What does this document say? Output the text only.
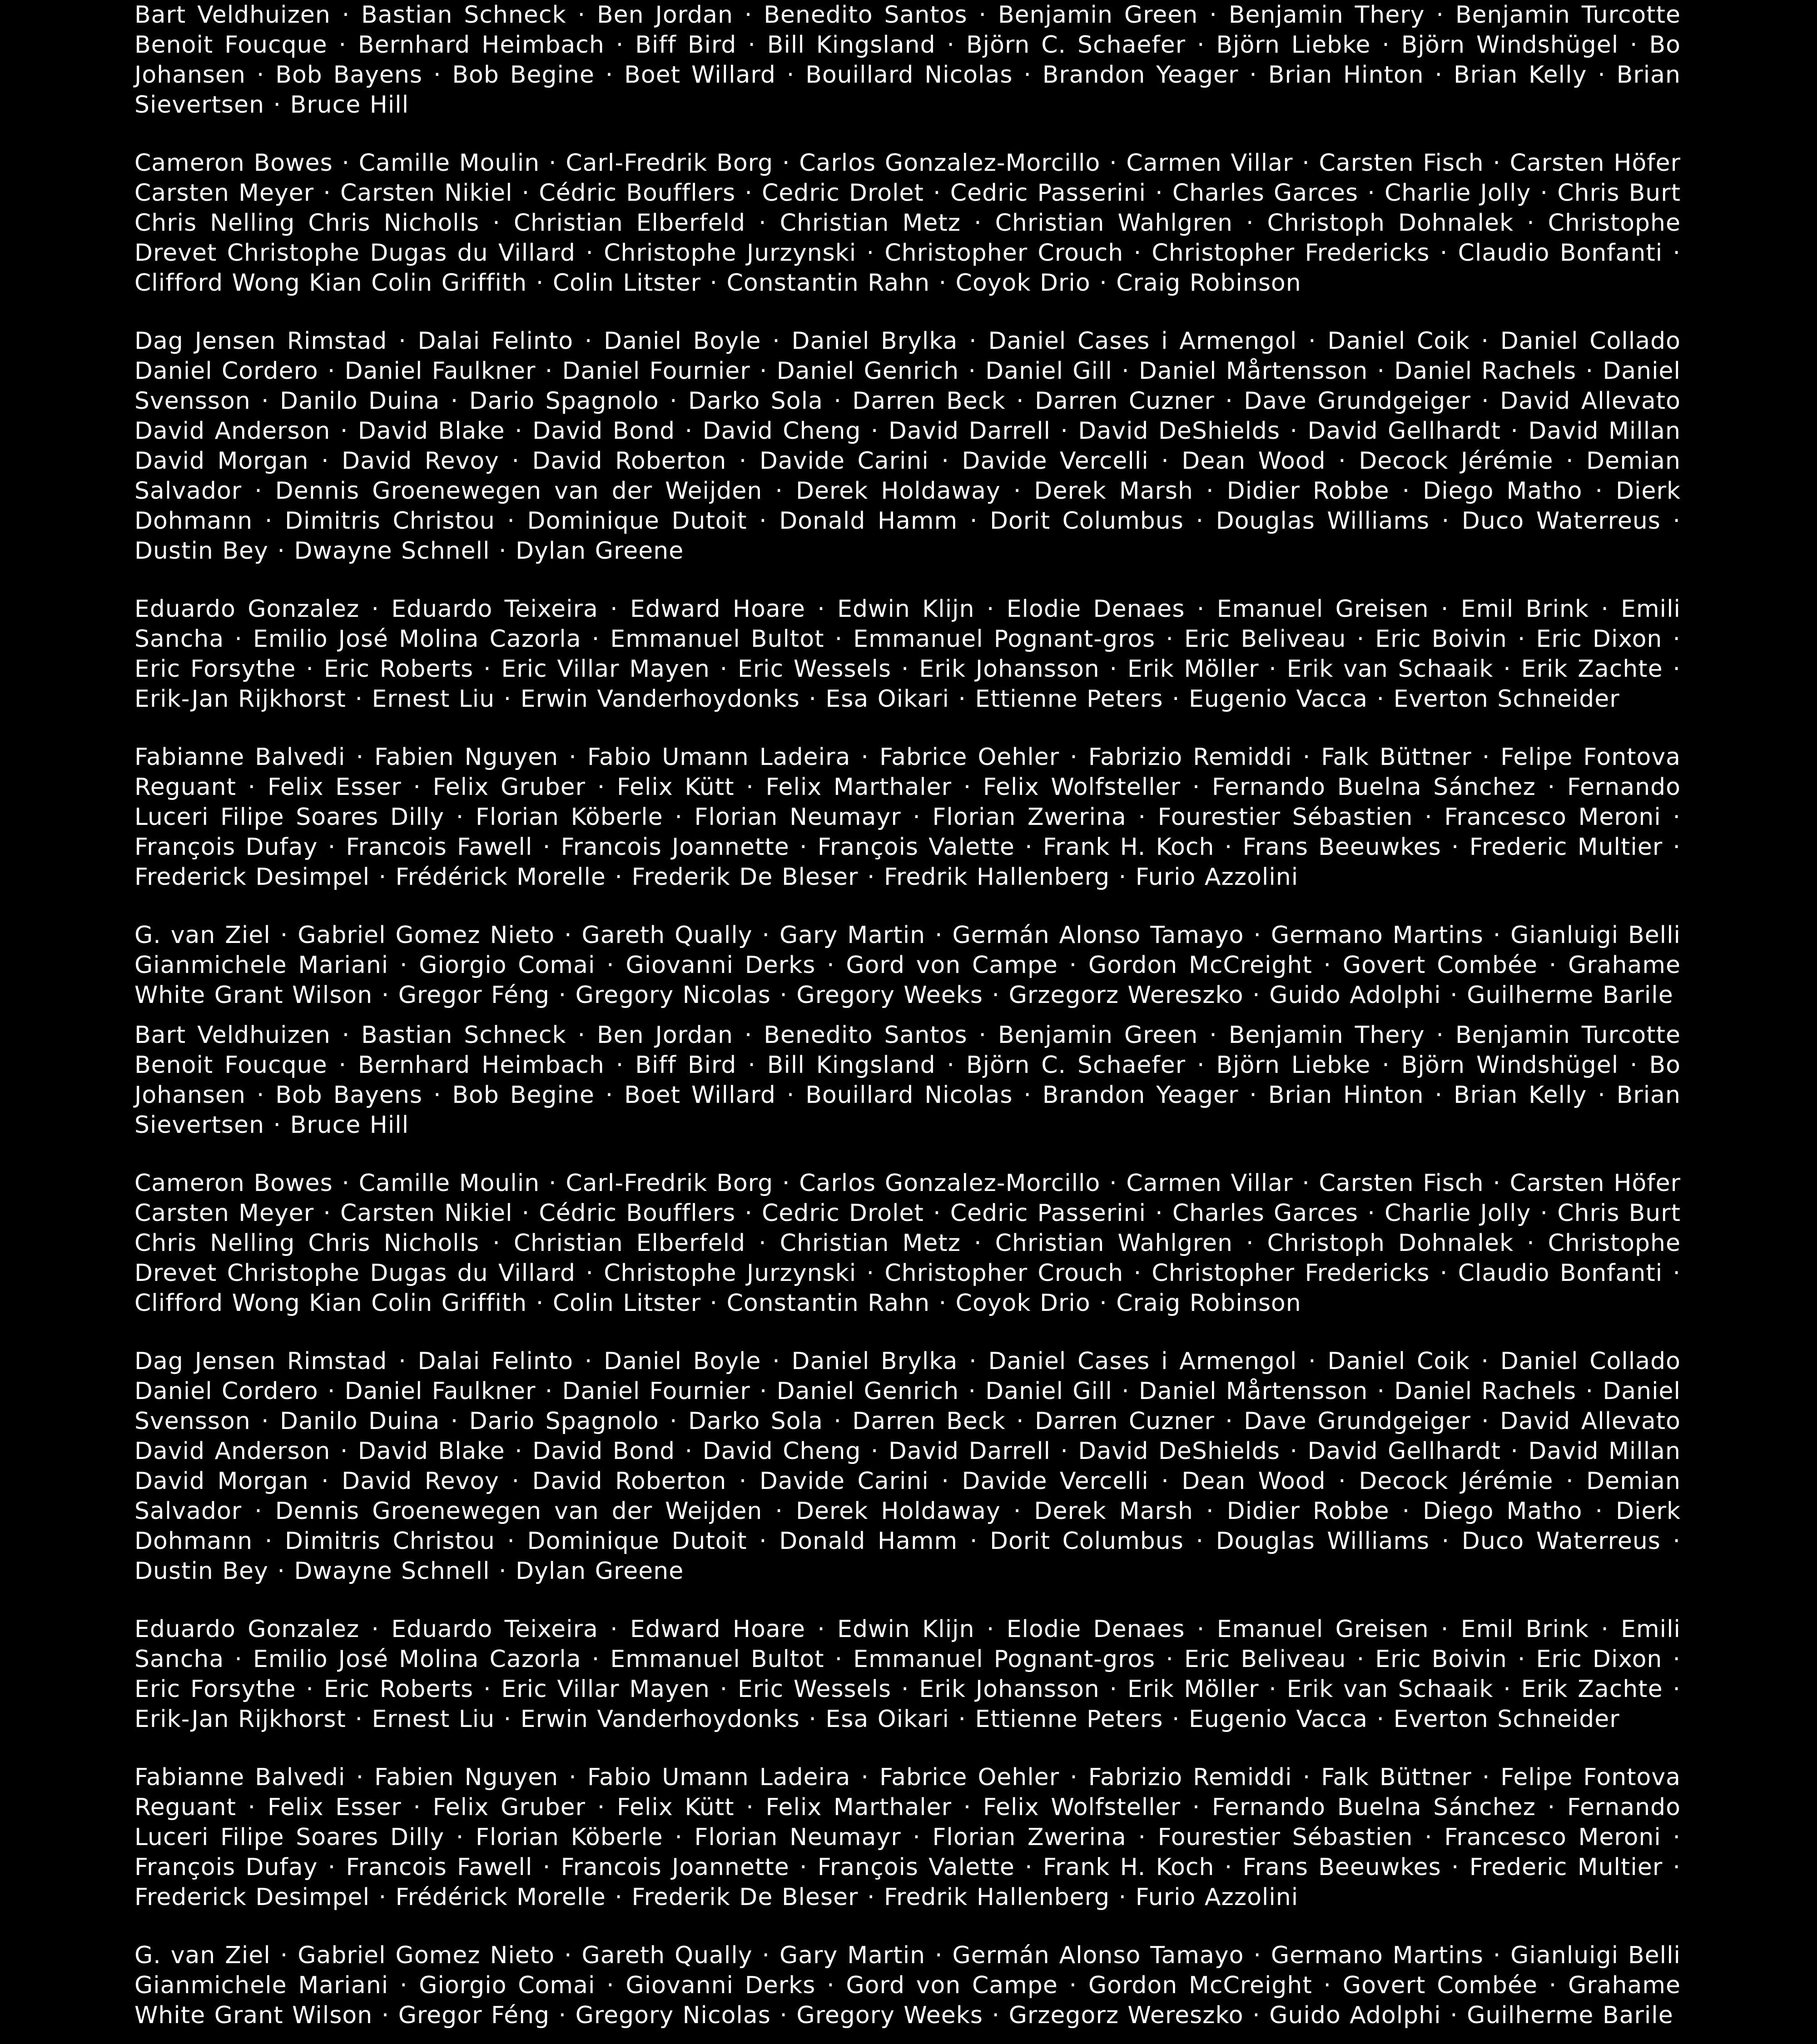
Bart Veldhuizen · Bastian Schneck · Ben Jordan · Benedito Santos · Benjamin Green · Benjamin Thery · Benjamin Turcotte Benoit Foucque · Bernhard Heimbach · Biff Bird · Bill Kingsland · Björn C. Schaefer · Björn Liebke · Björn Windshügel · Bo Johansen · Bob Bayens · Bob Begine · Boet Willard · Bouillard Nicolas · Brandon Yeager · Brian Hinton · Brian Kelly · Brian Sievertsen · Bruce Hill

Cameron Bowes · Camille Moulin · Carl-Fredrik Borg · Carlos Gonzalez-Morcillo · Carmen Villar · Carsten Fisch · Carsten Höfer Carsten Meyer · Carsten Nikiel · Cédric Boufflers · Cedric Drolet · Cedric Passerini · Charles Garces · Charlie Jolly · Chris Burt Chris Nelling Chris Nicholls · Christian Elberfeld · Christian Metz · Christian Wahlgren · Christoph Dohnalek · Christophe Drevet Christophe Dugas du Villard · Christophe Jurzynski · Christopher Crouch · Christopher Fredericks · Claudio Bonfanti · Clifford Wong Kian Colin Griffith · Colin Litster · Constantin Rahn · Coyok Drio · Craig Robinson

Dag Jensen Rimstad · Dalai Felinto · Daniel Boyle · Daniel Brylka · Daniel Cases i Armengol · Daniel Coik · Daniel Collado Daniel Cordero · Daniel Faulkner · Daniel Fournier · Daniel Genrich · Daniel Gill · Daniel Mårtensson · Daniel Rachels · Daniel Svensson · Danilo Duina · Dario Spagnolo · Darko Sola · Darren Beck · Darren Cuzner · Dave Grundgeiger · David Allevato David Anderson · David Blake · David Bond · David Cheng · David Darrell · David DeShields · David Gellhardt · David Millan David Morgan · David Revoy · David Roberton · Davide Carini · Davide Vercelli · Dean Wood · Decock Jérémie · Demian Salvador · Dennis Groenewegen van der Weijden · Derek Holdaway · Derek Marsh · Didier Robbe · Diego Matho · Dierk Dohmann · Dimitris Christou · Dominique Dutoit · Donald Hamm · Dorit Columbus · Douglas Williams · Duco Waterreus · Dustin Bey · Dwayne Schnell · Dylan Greene

Eduardo Gonzalez · Eduardo Teixeira · Edward Hoare · Edwin Klijn · Elodie Denaes · Emanuel Greisen · Emil Brink · Emili Sancha · Emilio José Molina Cazorla · Emmanuel Bultot · Emmanuel Pognant-gros · Eric Beliveau · Eric Boivin · Eric Dixon · Eric Forsythe · Eric Roberts · Eric Villar Mayen · Eric Wessels · Erik Johansson · Erik Möller · Erik van Schaaik · Erik Zachte · Erik-Jan Rijkhorst · Ernest Liu · Erwin Vanderhoydonks · Esa Oikari · Ettienne Peters · Eugenio Vacca · Everton Schneider

Fabianne Balvedi · Fabien Nguyen · Fabio Umann Ladeira · Fabrice Oehler · Fabrizio Remiddi · Falk Büttner · Felipe Fontova Reguant · Felix Esser · Felix Gruber · Felix Kütt · Felix Marthaler · Felix Wolfsteller · Fernando Buelna Sánchez · Fernando Luceri Filipe Soares Dilly · Florian Köberle · Florian Neumayr · Florian Zwerina · Fourestier Sébastien · Francesco Meroni · François Dufay · Francois Fawell · Francois Joannette · François Valette · Frank H. Koch · Frans Beeuwkes · Frederic Multier · Frederick Desimpel · Frédérick Morelle · Frederik De Bleser · Fredrik Hallenberg · Furio Azzolini

G. van Ziel · Gabriel Gomez Nieto · Gareth Qually · Gary Martin · Germán Alonso Tamayo · Germano Martins · Gianluigi Belli Gianmichele Mariani · Giorgio Comai · Giovanni Derks · Gord von Campe · Gordon McCreight · Govert Combée · Grahame White Grant Wilson · Gregor Féng · Gregory Nicolas · Gregory Weeks · Grzegorz Wereszko · Guido Adolphi · Guilherme Barile

Bart Veldhuizen · Bastian Schneck · Ben Jordan · Benedito Santos · Benjamin Green · Benjamin Thery · Benjamin Turcotte Benoit Foucque · Bernhard Heimbach · Biff Bird · Bill Kingsland · Björn C. Schaefer · Björn Liebke · Björn Windshügel · Bo Johansen · Bob Bayens · Bob Begine · Boet Willard · Bouillard Nicolas · Brandon Yeager · Brian Hinton · Brian Kelly · Brian Sievertsen · Bruce Hill

Cameron Bowes · Camille Moulin · Carl-Fredrik Borg · Carlos Gonzalez-Morcillo · Carmen Villar · Carsten Fisch · Carsten Höfer Carsten Meyer · Carsten Nikiel · Cédric Boufflers · Cedric Drolet · Cedric Passerini · Charles Garces · Charlie Jolly · Chris Burt Chris Nelling Chris Nicholls · Christian Elberfeld · Christian Metz · Christian Wahlgren · Christoph Dohnalek · Christophe Drevet Christophe Dugas du Villard · Christophe Jurzynski · Christopher Crouch · Christopher Fredericks · Claudio Bonfanti · Clifford Wong Kian Colin Griffith · Colin Litster · Constantin Rahn · Coyok Drio · Craig Robinson

Dag Jensen Rimstad · Dalai Felinto · Daniel Boyle · Daniel Brylka · Daniel Cases i Armengol · Daniel Coik · Daniel Collado Daniel Cordero · Daniel Faulkner · Daniel Fournier · Daniel Genrich · Daniel Gill · Daniel Mårtensson · Daniel Rachels · Daniel Svensson · Danilo Duina · Dario Spagnolo · Darko Sola · Darren Beck · Darren Cuzner · Dave Grundgeiger · David Allevato David Anderson · David Blake · David Bond · David Cheng · David Darrell · David DeShields · David Gellhardt · David Millan David Morgan · David Revoy · David Roberton · Davide Carini · Davide Vercelli · Dean Wood · Decock Jérémie · Demian Salvador · Dennis Groenewegen van der Weijden · Derek Holdaway · Derek Marsh · Didier Robbe · Diego Matho · Dierk Dohmann · Dimitris Christou · Dominique Dutoit · Donald Hamm · Dorit Columbus · Douglas Williams · Duco Waterreus · Dustin Bey · Dwayne Schnell · Dylan Greene

Eduardo Gonzalez · Eduardo Teixeira · Edward Hoare · Edwin Klijn · Elodie Denaes · Emanuel Greisen · Emil Brink · Emili Sancha · Emilio José Molina Cazorla · Emmanuel Bultot · Emmanuel Pognant-gros · Eric Beliveau · Eric Boivin · Eric Dixon · Eric Forsythe · Eric Roberts · Eric Villar Mayen · Eric Wessels · Erik Johansson · Erik Möller · Erik van Schaaik · Erik Zachte · Erik-Jan Rijkhorst · Ernest Liu · Erwin Vanderhoydonks · Esa Oikari · Ettienne Peters · Eugenio Vacca · Everton Schneider

Fabianne Balvedi · Fabien Nguyen · Fabio Umann Ladeira · Fabrice Oehler · Fabrizio Remiddi · Falk Büttner · Felipe Fontova Reguant · Felix Esser · Felix Gruber · Felix Kütt · Felix Marthaler · Felix Wolfsteller · Fernando Buelna Sánchez · Fernando Luceri Filipe Soares Dilly · Florian Köberle · Florian Neumayr · Florian Zwerina · Fourestier Sébastien · Francesco Meroni · François Dufay · Francois Fawell · Francois Joannette · François Valette · Frank H. Koch · Frans Beeuwkes · Frederic Multier · Frederick Desimpel · Frédérick Morelle · Frederik De Bleser · Fredrik Hallenberg · Furio Azzolini

G. van Ziel · Gabriel Gomez Nieto · Gareth Qually · Gary Martin · Germán Alonso Tamayo · Germano Martins · Gianluigi Belli Gianmichele Mariani · Giorgio Comai · Giovanni Derks · Gord von Campe · Gordon McCreight · Govert Combée · Grahame White Grant Wilson · Gregor Féng · Gregory Nicolas · Gregory Weeks · Grzegorz Wereszko · Guido Adolphi · Guilherme Barile
